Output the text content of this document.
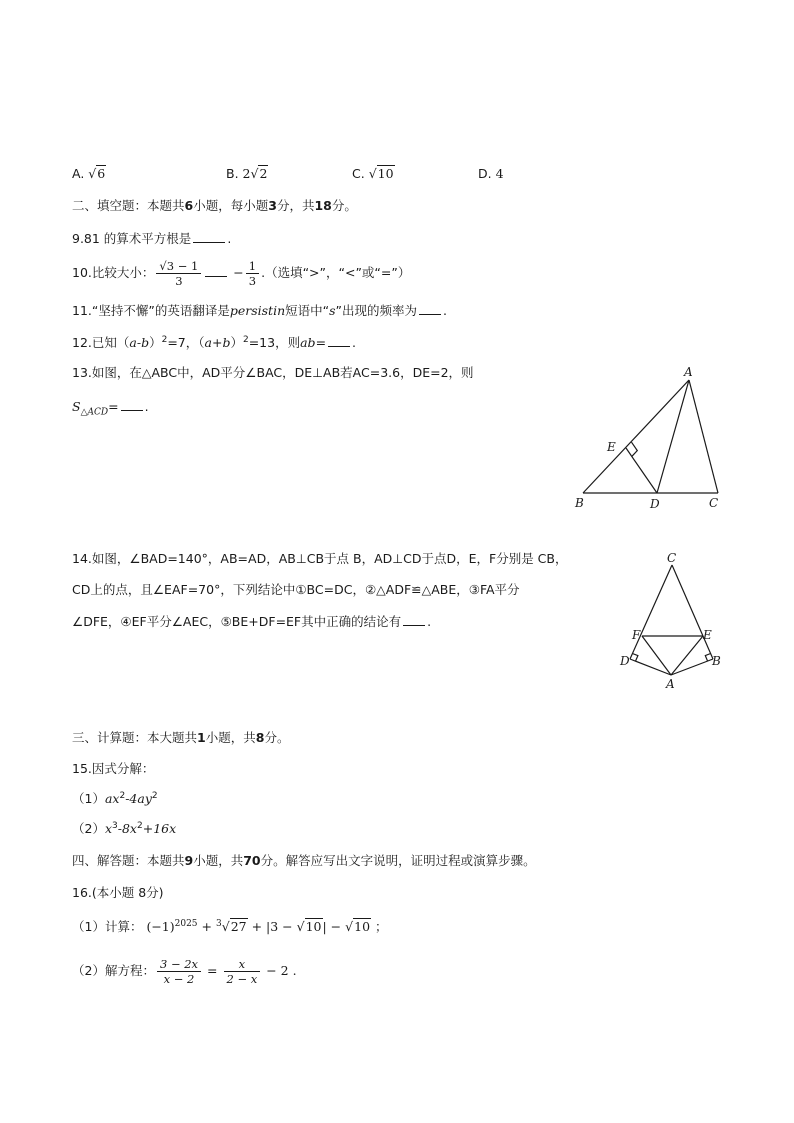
A. √6	B. 2√2	C. √10	D. 4
二、填空题：本题共6小题，每小题3分，共18分。
9.81 的算术平方根是	.
10.比较大小： $\frac{√3 - 1}{3}$	− $\frac{1}{3}$ .（选填“>”，“<”或“=”）
11.“坚持不懈”的英语翻译是persistin短语中“s”出现的频率为 .
12.已知$(a-b)^2=7$，$(a+b)^2=13$，则ab= .
13.如图，在△ABC中，AD平分∠BAC，DE⊥AB若AC=3.6，DE=2，则
$S_{\triangle ACD}=$ .
A
B	C
D
E
14.如图，∠BAD=140°，AB=AD，AB⊥CB于点 B，AD⊥CD于点D，E，F分别是 CB，
CD上的点，且∠EAF=70°，下列结论中①BC=DC，②△ADF≌△ABE，③FA平分
∠DFE，④EF平分∠AEC，⑤BE+DF=EF其中正确的结论有 .
C
F	E
D	B
A
三、计算题：本大题共1小题，共8分。
15.因式分解：
$(1)ax^2-4ay^2$
$(2)x^3-8x^2+16x$
四、解答题：本题共9小题，共70分。解答应写出文字说明，证明过程或演算步骤。
16.(本小题 8分)
（1）计算： $(-1)^{2025} + ^3√27 + |3 - √10| - √10$ ；
（2）解方程： $\frac{3 - 2x}{x - 2} = \frac{x}{2 - x} - 2$ .
